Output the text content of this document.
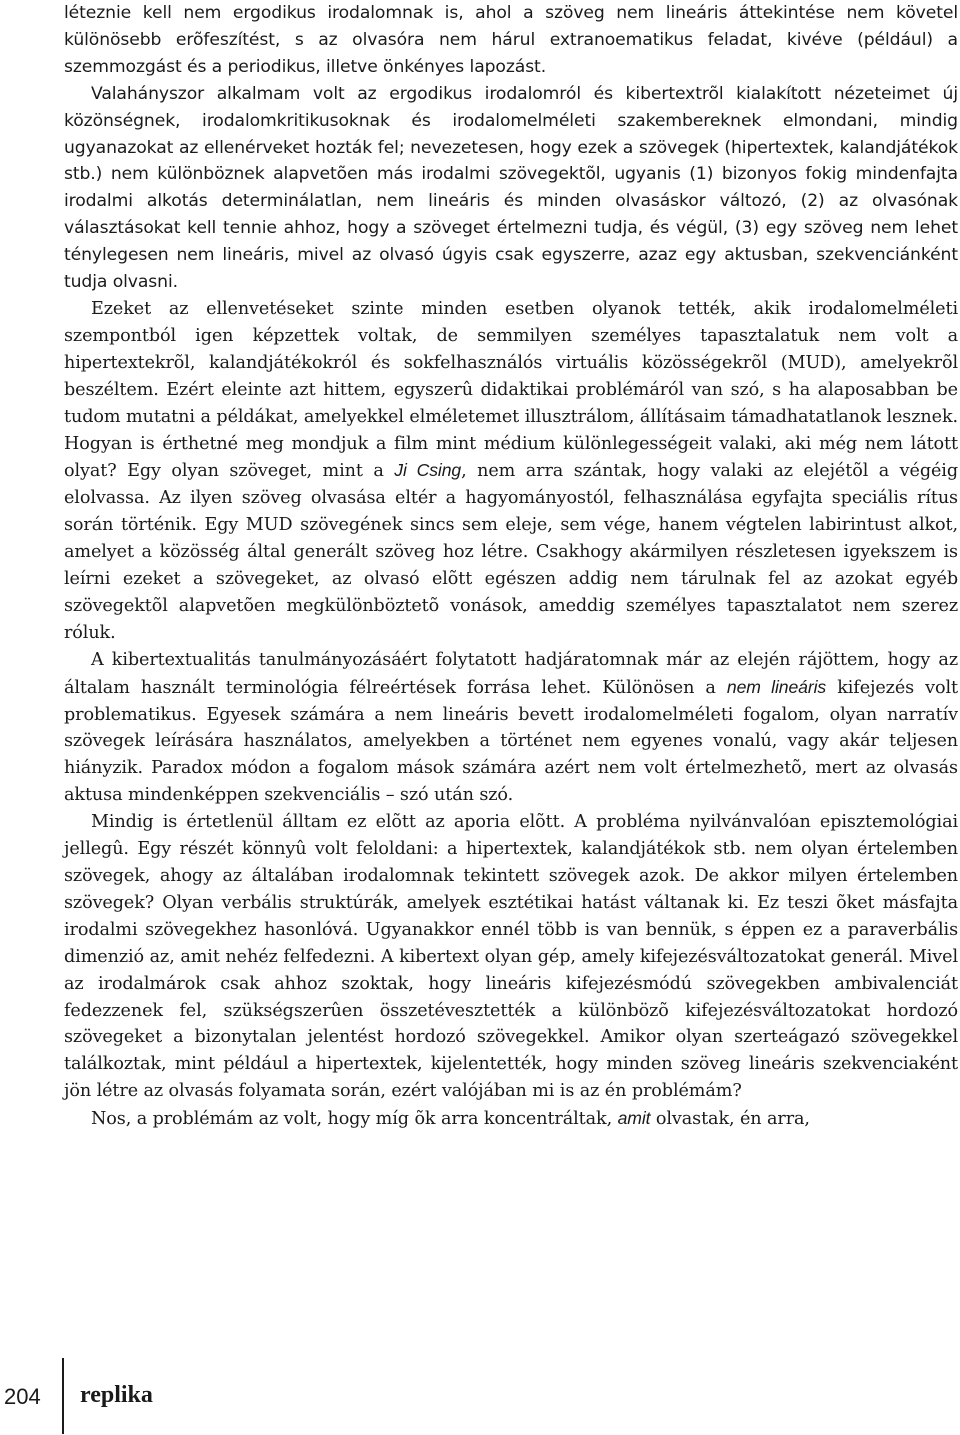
léteznie kell nem ergodikus irodalomnak is, ahol a szöveg nem lineáris áttekintése nem követel különösebb erõfeszítést, s az olvasóra nem hárul extranoematikus feladat, kivéve (például) a szemmozgást és a periodikus, illetve önkényes lapozást.

Valahányszor alkalmam volt az ergodikus irodalomról és kibertextrõl kialakított nézeteimet új közönségnek, irodalomkritikusoknak és irodalomelméleti szakembereknek elmondani, mindig ugyanazokat az ellenérveket hozták fel; nevezetesen, hogy ezek a szövegek (hipertextek, kalandjátékok stb.) nem különböznek alapvetõen más irodalmi szövegektõl, ugyanis (1) bizonyos fokig mindenfajta irodalmi alkotás determinálatlan, nem lineáris és minden olvasáskor változó, (2) az olvasónak választásokat kell tennie ahhoz, hogy a szöveget értelmezni tudja, és végül, (3) egy szöveg nem lehet ténylegesen nem lineáris, mivel az olvasó úgyis csak egyszerre, azaz egy aktusban, szekvenciánként tudja olvasni.

Ezeket az ellenvetéseket szinte minden esetben olyanok tették, akik irodalomelméleti szempontból igen képzettek voltak, de semmilyen személyes tapasztalatuk nem volt a hipertextekrõl, kalandjátékokról és sokfelhasználós virtuális közösségekrõl (MUD), amelyekrõl beszéltem. Ezért eleinte azt hittem, egyszerû didaktikai problémáról van szó, s ha alaposabban be tudom mutatni a példákat, amelyekkel elméletemet illusztrálom, állításaim támadhatatlanok lesznek. Hogyan is érthetné meg mondjuk a film mint médium különlegességeit valaki, aki még nem látott olyat? Egy olyan szöveget, mint a Ji Csing, nem arra szántak, hogy valaki az elejétõl a végéig elolvassa. Az ilyen szöveg olvasása eltér a hagyományostól, felhasználása egyfajta speciális rítus során történik. Egy MUD szövegének sincs sem eleje, sem vége, hanem végtelen labirintust alkot, amelyet a közösség által generált szöveg hoz létre. Csakhogy akármilyen részletesen igyekszem is leírni ezeket a szövegeket, az olvasó elõtt egészen addig nem tárulnak fel az azokat egyéb szövegektõl alapvetõen megkülönböztetõ vonások, ameddig személyes tapasztalatot nem szerez róluk.

A kibertextualitás tanulmányozásáért folytatott hadjáratomnak már az elején rájöttem, hogy az általam használt terminológia félreértések forrása lehet. Különösen a nem lineáris kifejezés volt problematikus. Egyesek számára a nem lineáris bevett irodalomelméleti fogalom, olyan narratív szövegek leírására használatos, amelyekben a történet nem egyenes vonalú, vagy akár teljesen hiányzik. Paradox módon a fogalom mások számára azért nem volt értelmezhetõ, mert az olvasás aktusa mindenképpen szekvenciális – szó után szó.

Mindig is értetlenül álltam ez elõtt az aporia elõtt. A probléma nyilvánvalóan episztemológiai jellegû. Egy részét könnyû volt feloldani: a hipertextek, kalandjátékok stb. nem olyan értelemben szövegek, ahogy az általában irodalomnak tekintett szövegek azok. De akkor milyen értelemben szövegek? Olyan verbális struktúrák, amelyek esztétikai hatást váltanak ki. Ez teszi õket másfajta irodalmi szövegekhez hasonlóvá. Ugyanakkor ennél több is van bennük, s éppen ez a paraverbális dimenzió az, amit nehéz felfedezni. A kibertext olyan gép, amely kifejezésváltozatokat generál. Mivel az irodalmárok csak ahhoz szoktak, hogy lineáris kifejezésmódú szövegekben ambivalenciát fedezzenek fel, szükségszerûen összetévesztették a különbözõ kifejezésváltozatokat hordozó szövegeket a bizonytalan jelentést hordozó szövegekkel. Amikor olyan szerteágazó szövegekkel találkoztak, mint például a hipertextek, kijelentették, hogy minden szöveg lineáris szekvenciaként jön létre az olvasás folyamata során, ezért valójában mi is az én problémám?

Nos, a problémám az volt, hogy míg õk arra koncentráltak, amit olvastak, én arra,

204 replika
